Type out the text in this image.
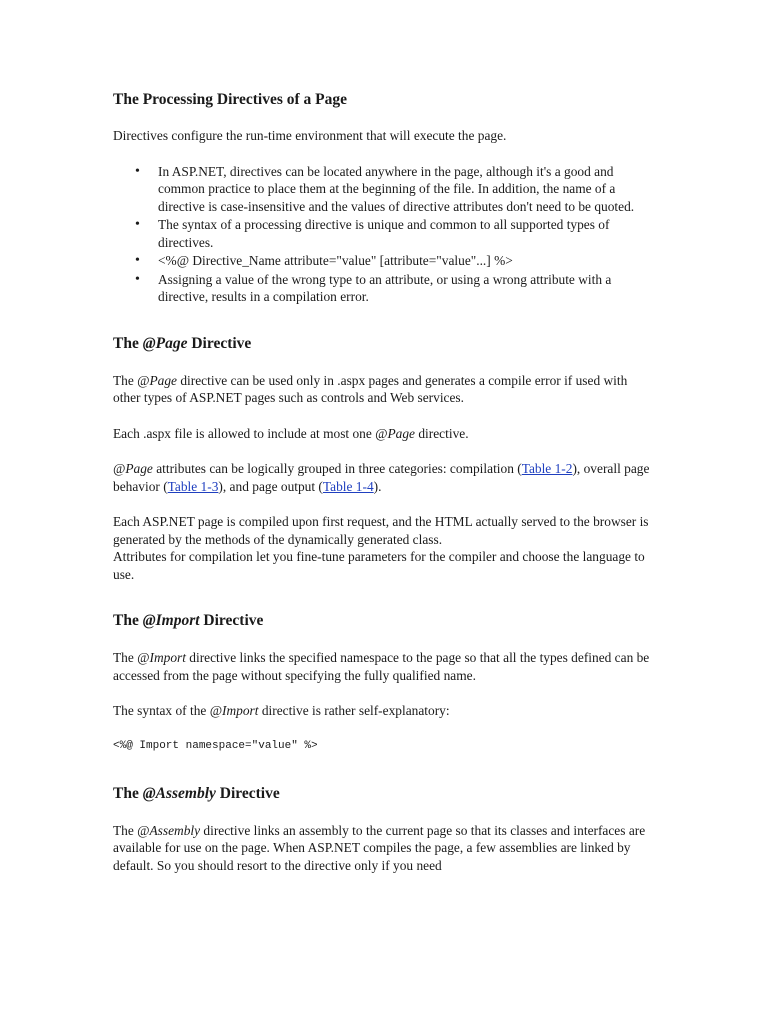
The Processing Directives of a Page

Directives configure the run-time environment that will execute the page.

• In ASP.NET, directives can be located anywhere in the page, although it's a good and common practice to place them at the beginning of the file. In addition, the name of a directive is case-insensitive and the values of directive attributes don't need to be quoted.
• The syntax of a processing directive is unique and common to all supported types of directives.
• <%@ Directive_Name attribute="value" [attribute="value"...] %>
• Assigning a value of the wrong type to an attribute, or using a wrong attribute with a directive, results in a compilation error.
The @Page Directive

The @Page directive can be used only in .aspx pages and generates a compile error if used with other types of ASP.NET pages such as controls and Web services.

Each .aspx file is allowed to include at most one @Page directive.

@Page attributes can be logically grouped in three categories: compilation (Table 1-2), overall page behavior (Table 1-3), and page output (Table 1-4).

Each ASP.NET page is compiled upon first request, and the HTML actually served to the browser is generated by the methods of the dynamically generated class.

Attributes for compilation let you fine-tune parameters for the compiler and choose the language to use.

The @Import Directive

The @Import directive links the specified namespace to the page so that all the types defined can be accessed from the page without specifying the fully qualified name.

The syntax of the @Import directive is rather self-explanatory:

<%@ Import namespace="value" %>
The @Assembly Directive

The @Assembly directive links an assembly to the current page so that its classes and interfaces are available for use on the page. When ASP.NET compiles the page, a few assemblies are linked by default. So you should resort to the directive only if you need
